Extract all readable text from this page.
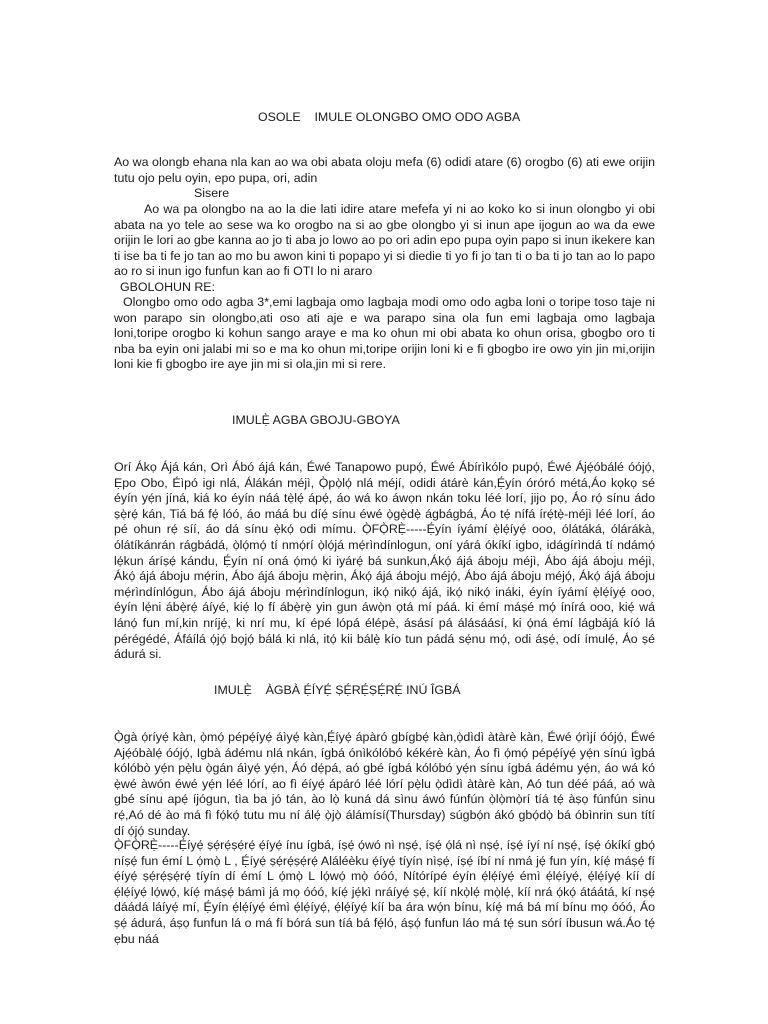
OSOLE    IMULE OLONGBO OMO ODO AGBA

Ao wa olongb ehana nla kan ao wa obi abata oloju mefa (6) odidi atare (6) orogbo (6) ati ewe orijin tutu ojo pelu oyin, epo pupa, ori, adin

Sisere

Ao wa pa olongbo na ao la die lati idire atare mefefa yi ni ao koko ko si inun olongbo yi obi abata na yo tele ao sese wa ko orogbo na si ao gbe olongbo yi si inun ape ijogun ao wa da ewe orijin le lori ao gbe kanna ao jo ti aba jo lowo ao po ori adin epo pupa oyin papo si inun ikekere kan ti ise ba ti fe jo tan ao mo bu awon kini ti popapo yi si diedie ti yo fi jo tan ti o ba ti jo tan ao lo papo ao ro si inun igo funfun kan ao fi OTI lo ni araro

GBOLOHUN RE:

Olongbo omo odo agba 3*,emi lagbaja omo lagbaja modi omo odo agba loni o toripe toso taje ni won parapo sin olongbo,ati oso ati aje e wa parapo sina ola fun emi lagbaja omo lagbaja loni,toripe orogbo ki kohun sango araye e ma ko ohun mi obi abata ko ohun orisa, gbogbo oro ti nba ba eyin oni jalabi mi so e ma ko ohun mi,toripe orijin loni ki e fi gbogbo ire owo yin jin mi,orijin loni kie fi gbogbo ire aye jin mi si ola,jin mi si rere.

IMULẸ̀ AGBA GBOJU-GBOYA

Orí Ákọ Ájá kán, Orì Ábó ájá kán, Éwé Tanapowo pupọ́, Éwé Ábírìkólo pupọ́, Éwé Ájẹ́óbálé óójọ́, Ẹpo Obo, Éìpó igi nlá, Álákán méjì, Ọ̀pọ̀lọ́ nlá méjí, odidi átárè kán,Ẹ́yín óróró métá,Áo kọkọ sé éyín yẹ́n jíná, kiá ko éyín náá tẹ̀lẹ́ ápẹ́, áo wá ko áwọn nkán toku léé lorí, jijo pọ, Áo rọ́ sínu ádo ṣẹ̀rẹ́ kán, Tiá bá fẹ́ lóó, áo máá bu díẹ́ sínu éwé ọ̀gẹ̀dẹ̀ ágbágbá, Áo tẹ́ nífá írẹ́tẹ̀-méjì léé lorí, áo pé ohun rẹ́ síí, áo dá sínu ẹ̀kọ́ odi mímu. Ọ̀FỌ̀RẸ̀-----Ẹ́yín íyámí ẹ̀lẹ́íyẹ́ ooo, ólátáká, ólárákà, ólátíkánrán rágbádá, ọ̀lọ́mọ́ tí nmọ́rí ọ̀lọ́já mẹ́rìndínlogun, oní yárá ókíkí igbo, idágírìndá tí ndámọ́ lẹ́kun áríṣẹ́ kándu, Ẹ́yín ní oná ọ́mọ́ ki iyárẹ́ bá sunkun,Ákọ́ ájá áboju méjì, Ábo ájá áboju méjì, Ákọ́ ájá áboju mẹ́rin, Ábo ájá áboju mẹ̀rin, Ákọ́ ájá áboju méjọ́, Ábo ájá áboju méjọ́, Ákọ́ ájá áboju mẹ́rìndínlógun, Ábo ájá áboju mẹ́rìndínlogun, ikọ́ nikọ́ ájá, ikọ́ nikọ́ ináki, éyín íyámí ẹ̀lẹ́íyẹ́ ooo, éyín lẹ́ni ábẹ̀rẹ́ áíyé, kiẹ́ lọ fí ábẹ̀rẹ̀ yin gun áwọ̀n ọtá mí páá. ki émí máṣé mọ́ ínírá ooo, kiẹ́ wá lánọ́ fun mí,kin nríjẹ́, ki nrí mu, kí épé lópá élépè, ásásí pá álásáásí, ki ọ́ná émí lágbájá kíó lá pérégédé, Áfáílá ọ́jọ́ bọjọ́ bálá ki nlá, itọ́ kii bálẹ̀ kío tun pádá sẹ́nu mọ́, odi áṣẹ́, odí ímulẹ́, Áo ṣé ádurá si.

IMULẸ̀    ÀGBÀ Ẹ́ÍYẸ́ ṢẸ́RẸ́ṢẸ́RẸ́ INÚ ÎGBÁ

Ọ̀gà ọ́ríyẹ́ kàn, ọ̀mọ́ pépẹ́íyẹ́ áìyẹ́ kàn,Ẹ́íyẹ́ ápàró gbígbẹ́ kàn,ọ̀dìdì àtàrè kàn, Éwé ọ́rìjí óójọ́, Éwé Ajẹ́óbàlẹ́ óójọ́, Igbà ádému nlá nkán, ígbá ónìkólóbó kékérè kàn, Áo fì ọ́mọ́ pépẹ́íyẹ́ yẹ́n sínú ìgbá kólóbò yẹ́n pẹ̀lu ọ̀gán áìyẹ́ yẹ́n, Áó dẹ́pá, aó gbé ígbá kólóbó yẹ́n sínu ígbá ádému yẹ́n, áo wá kó ẹ̀wé àwón éwé yẹ́n léé lórí, ao fì éíyẹ́ ápáró léé lórí pẹ̀lu ọ̀dìdì àtàrè kàn, Aó tun déé páá, aó wà gbé sínu apẹ́ íjógun, tìa ba jó tán, ào lọ̀ kuná dá sìnu áwó fúnfún ọ̀lọ̀mọ̀rí tíá tẹ́ àṣọ fúnfún sinu rẹ́,Aó dé ào má fì fọ́kọ́ tutu mu ní álẹ́ ọ̀jọ̀ álámísí(Thursday) súgbọ́n ákó gbọ́dọ̀ bá óbìnrin sun títí dí ọ́jọ́ sunday.

Ọ̀FỌ̀RẸ̀-----Ẹ́íyẹ́ ṣẹ́rẹ́ṣẹ́rẹ́ ẹ́íyẹ́ ínu ígbá, íṣẹ́ ọ́wó nì nṣẹ́, íṣẹ́ ọ́lá nì nṣẹ́, íṣẹ́ íyí ní nṣẹ́, íṣẹ́ ókíkí gbọ́ níṣẹ́ fun émí L ọ́mọ̀ L , Ẹ́íyẹ́ ṣẹ́rẹ́ṣẹ́rẹ́ Aláléèku ẹ́íyẹ́ tíyín nìṣẹ́, íṣẹ́ íbí ní nmá jẹ́ fun yín, kíẹ́ máṣẹ́ fí ẹ́íyẹ́ ṣẹ́rẹ́ṣẹ́rẹ́ tíyín dí émí L ọ́mọ̀ L lọ́wọ́ mọ̀ óóó, Nítórípé éyín ẹ́lẹ́íyẹ́ émì ẹ́lẹ́íyẹ́, ẹ́lẹ́íyẹ́ kíí dí ẹ́lẹ́íyẹ́ lọ́wọ́, kíẹ́ máṣẹ́ bámì já mọ óóó, kíẹ́ jẹ́kì nráíyẹ́ ṣẹ́, kíí nkọ̀lẹ́ mọ̀lẹ́, kíí nrá ọ́kọ́ átáátá, kí nṣẹ́ dáádá láíyẹ́ mí, Ẹ́yín ẹ́lẹ́íyẹ́ émì ẹ́lẹ́íyẹ́, ẹ́lẹ́íyẹ́ kíí ba ára wọ́n bínu, kíẹ́ má bá mí bínu mọ óóó, Áo ṣẹ́ ádurá, áṣọ funfun lá o má fí bórá sun tíá bá fẹ́ló, áṣọ́ funfun láo má tẹ́ sun sórí íbusun wá.Áo tẹ́ ẹbu náá
